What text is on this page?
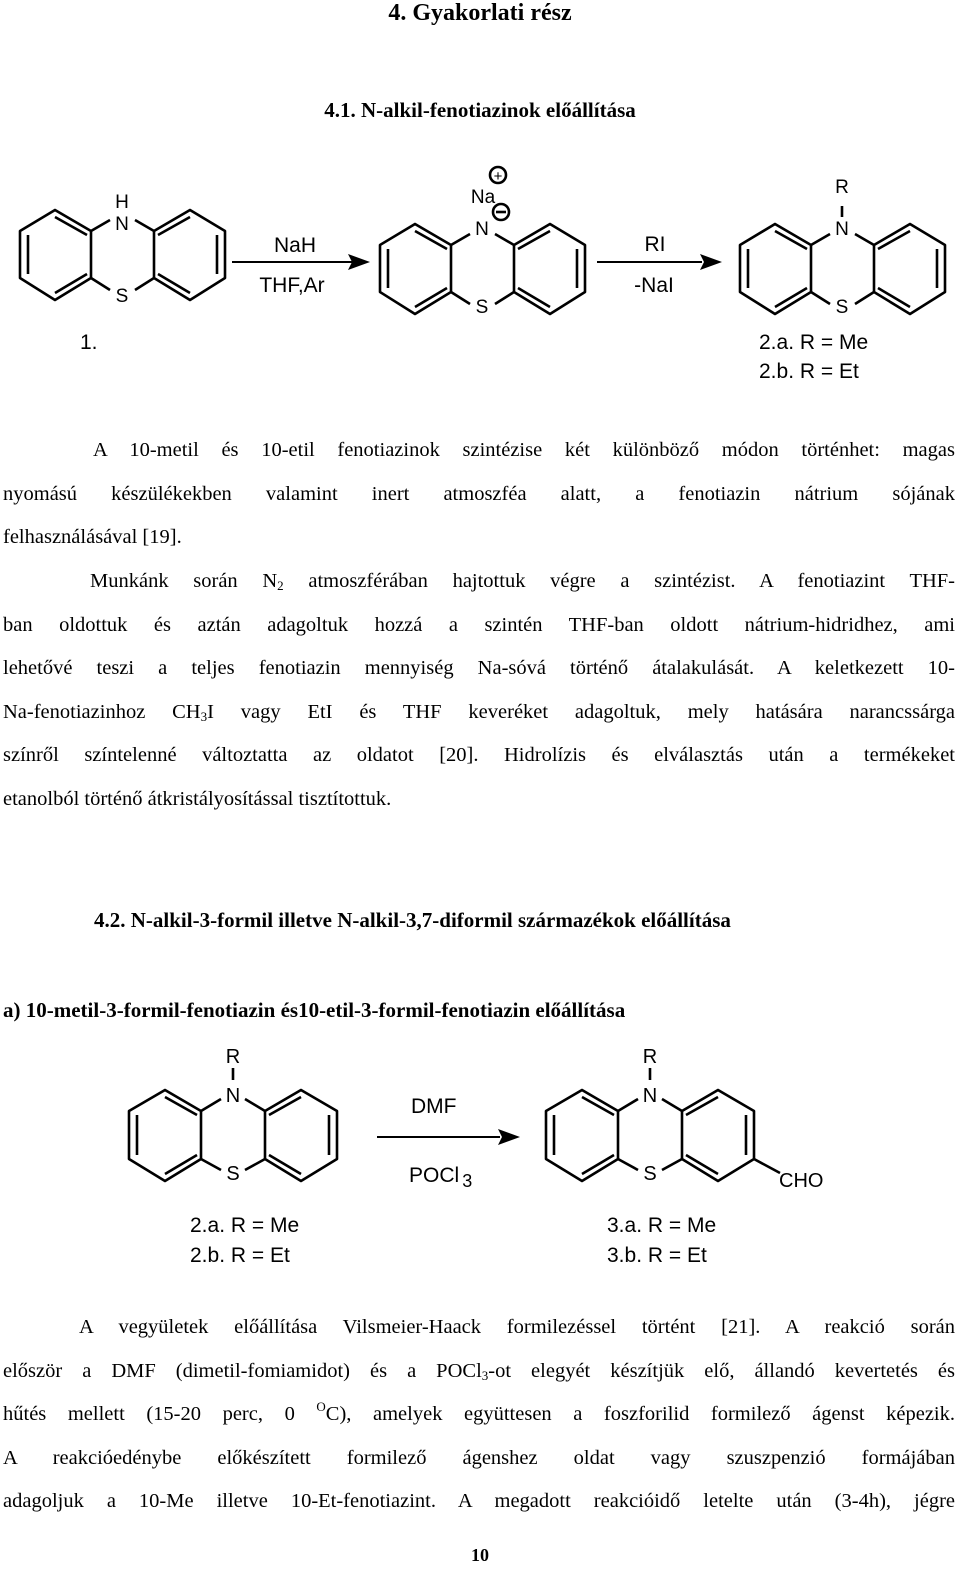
4. Gyakorlati rész
4.1. N-alkil-fenotiazinok előállítása
H
N
S
Na
N
S
R
N
S
+
NaH
THF,Ar
RI
-NaI
1.	2.a. R = Me
2.b. R = Et
A 10-metil és 10-etil fenotiazinok szintézise két különböző módon történhet: magas
nyomású készülékekben valamint inert atmoszféa alatt, a fenotiazin nátrium sójának
felhasználásával [19].
Munkánk során $N_2$ atmoszférában hajtottuk végre a szintézist. A fenotiazint THF-
ban oldottuk és aztán adagoltuk hozzá a szintén THF-ban oldott nátrium-hidridhez, ami
lehetővé teszi a teljes fenotiazin mennyiség Na-sóvá történő átalakulását. A keletkezett 10-
Na-fenotiazinhoz $CH_3I$ vagy EtI és THF keveréket adagoltuk, mely hatására narancssárga
színről színtelenné változtatta az oldatot [20]. Hidrolízis és elválasztás után a termékeket
etanolból történő átkristályosítással tisztítottuk.
4.2. N-alkil-3-formil illetve N-alkil-3,7-diformil származékok előállítása
a) 10-metil-3-formil-fenotiazin és10-etil-3-formil-fenotiazin előállítása
R
N
S
R
N
S	CHO
DMF
POCl 3
2.a. R = Me
2.b. R = Et
3.a. R = Me
3.b. R = Et
A vegyületek előállítása Vilsmeier-Haack formilezéssel történt [21]. A reakció során
először a DMF (dimetil-fomiamidot) és a POCl$_3$-ot elegyét készítjük elő, állandó kevertetés és
hűtés mellett (15-20 perc, 0 $^O$C), amelyek együttesen a foszforilid formilező ágenst képezik.
A reakcióedénybe előkészített formilező ágenshez oldat vagy szuszpenzió formájában
adagoljuk a 10-Me illetve 10-Et-fenotiazint. A megadott reakcióidő letelte után (3-4h), jégre
10
